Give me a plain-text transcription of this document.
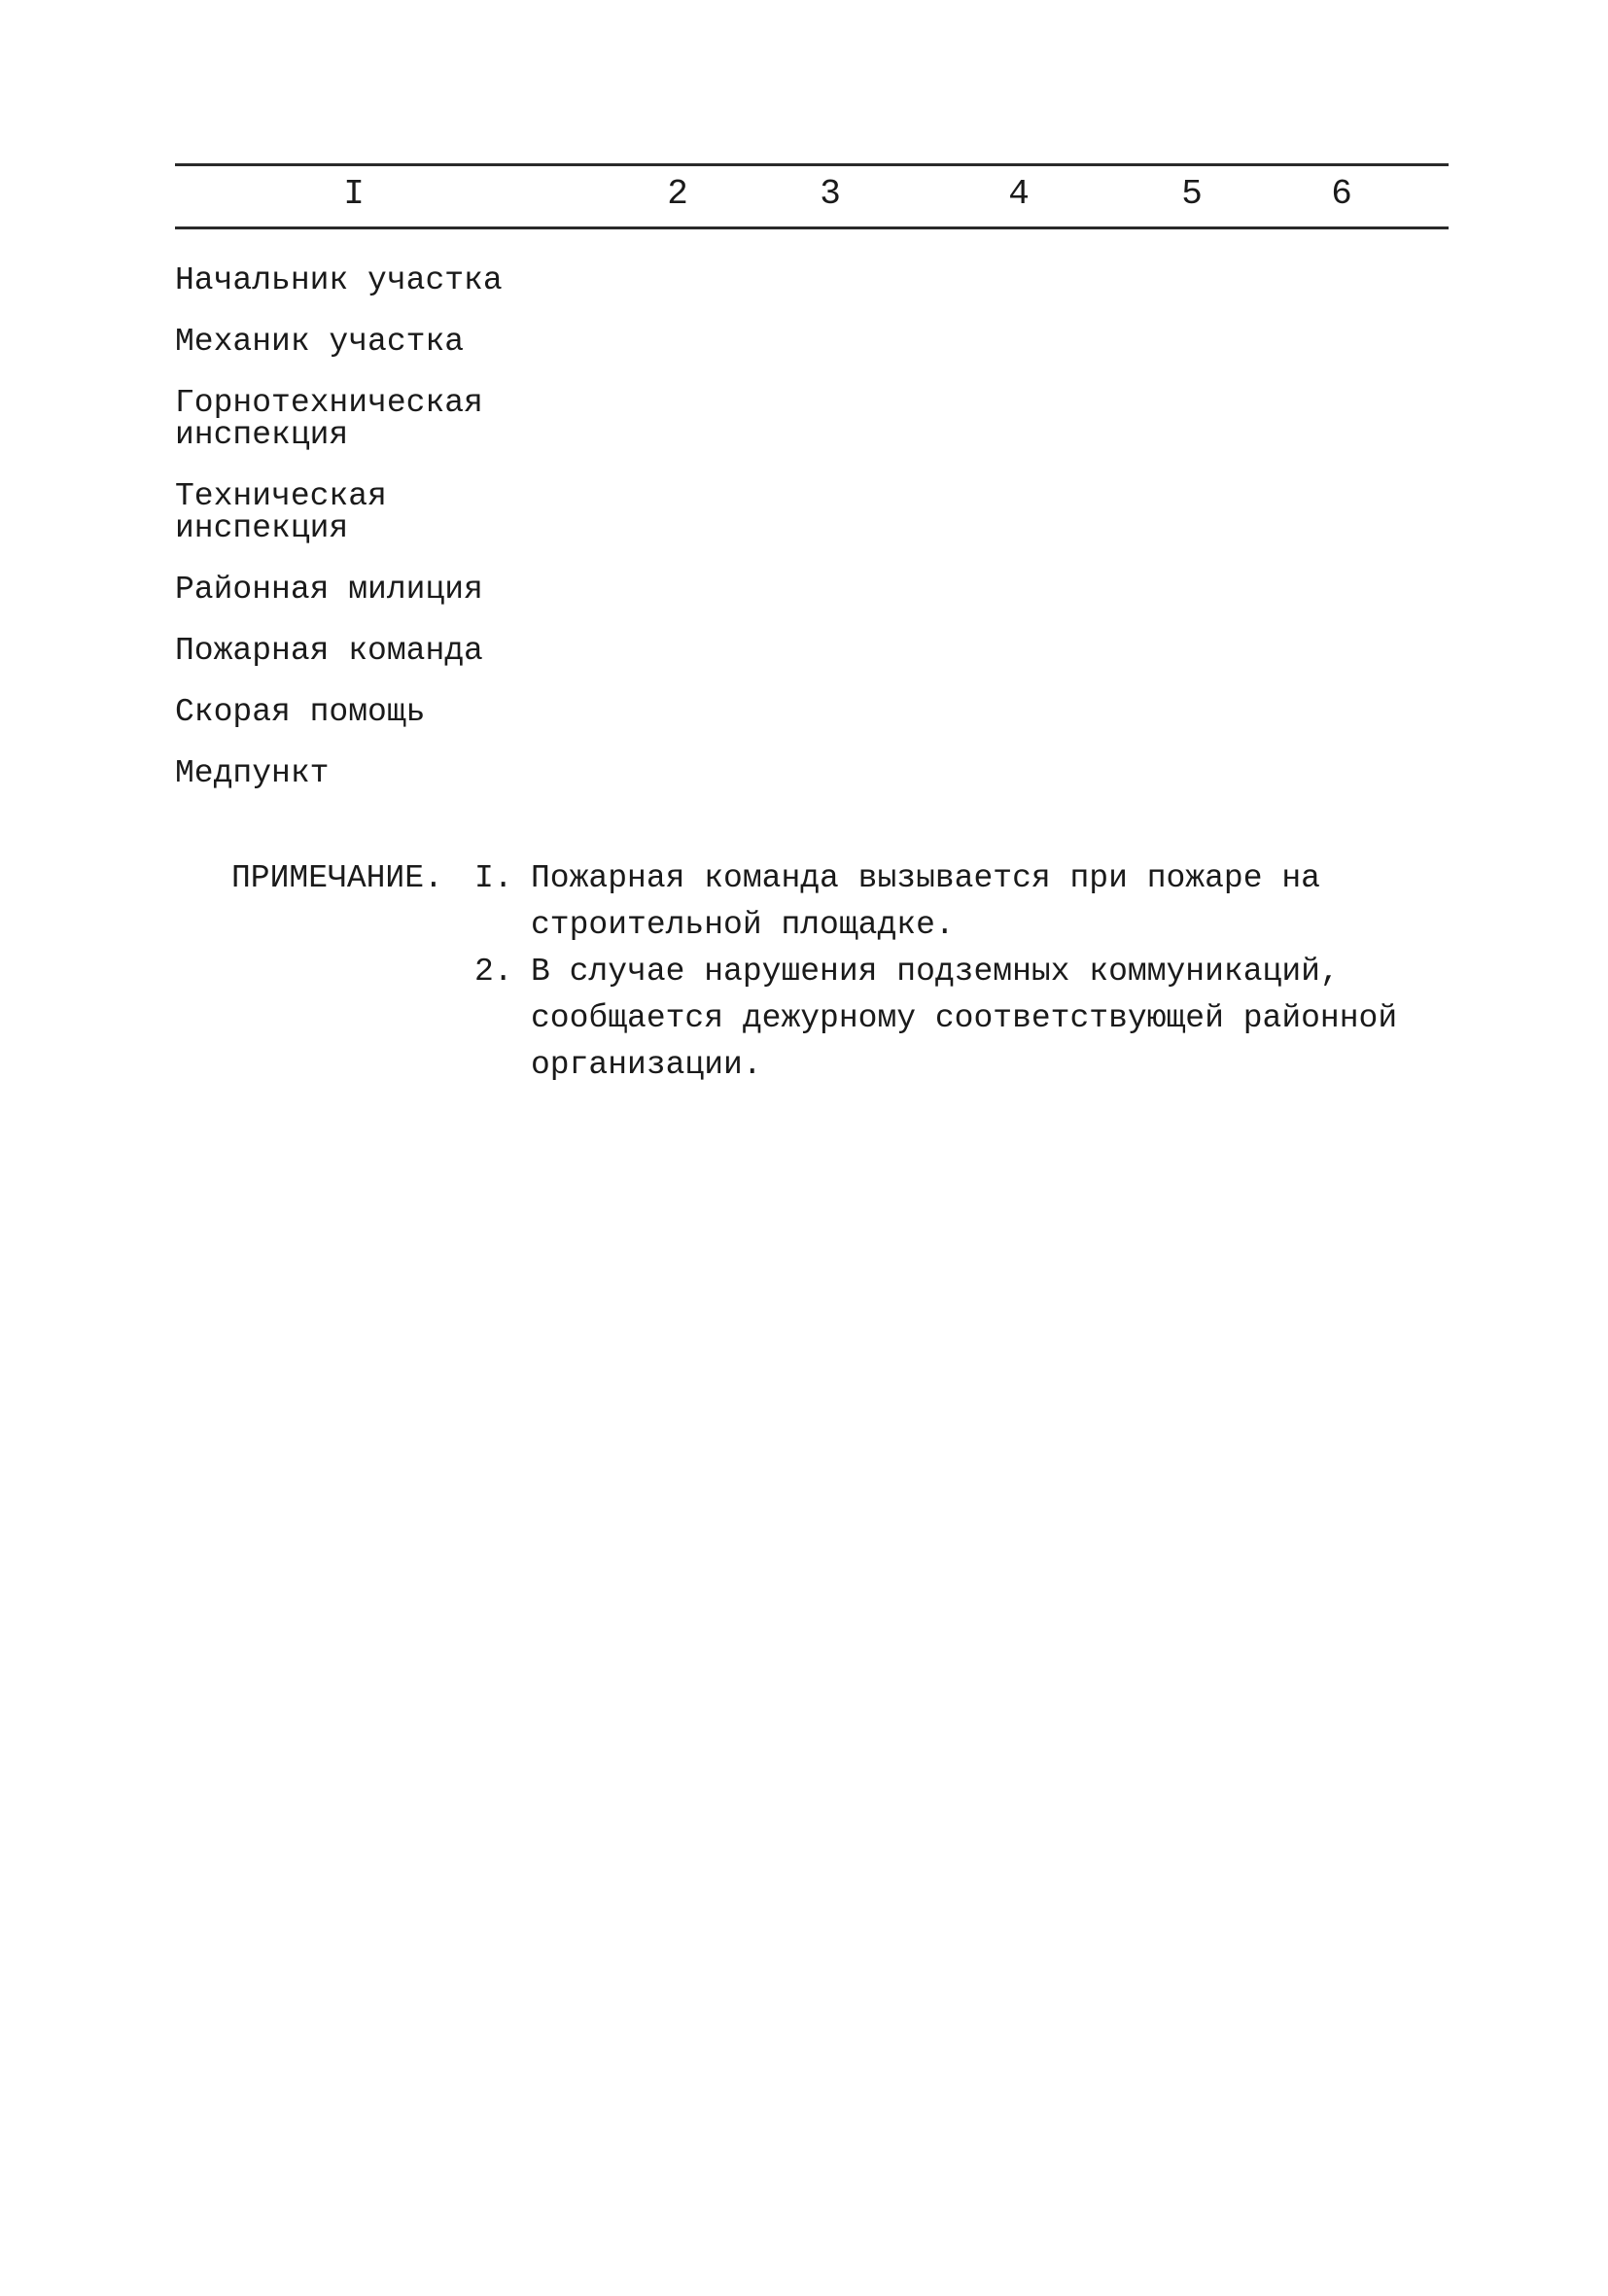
I	2	3	4	5	6
Начальник участка
Механик участка
Горнотехническая
инспекция
Техническая
инспекция
Районная милиция
Пожарная команда
Скорая помощь
Медпункт
ПРИМЕЧАНИЕ. I. Пожарная команда вызывается при пожаре на строительной площадке.
2. В случае нарушения подземных коммуникаций, сообщается дежурному соответствующей районной организации.
